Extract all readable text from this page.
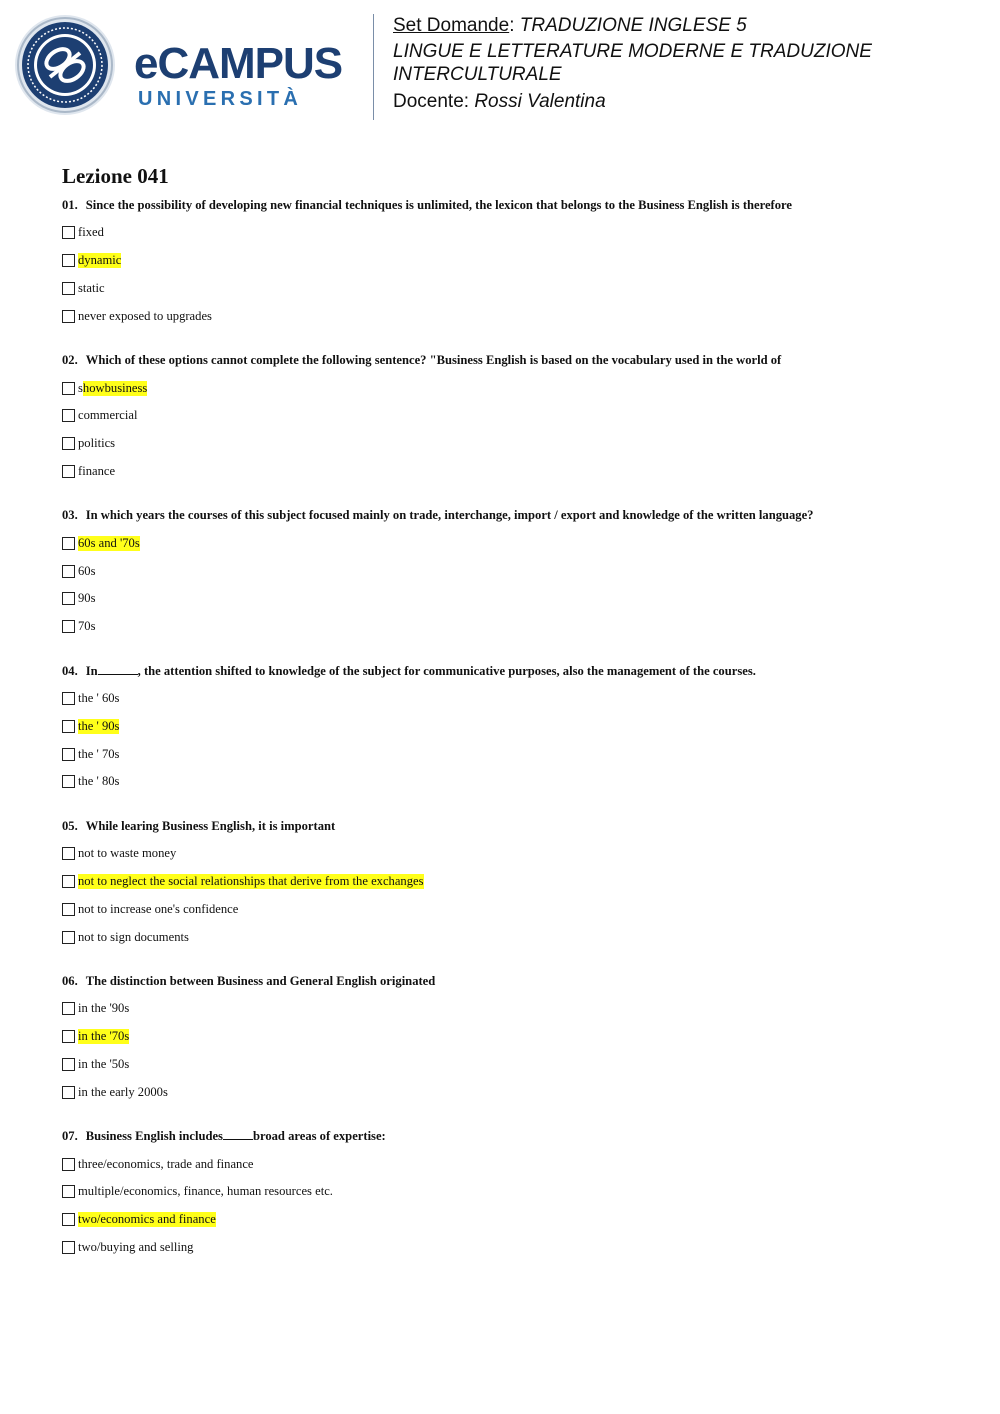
eCAMPUS
UNIVERSITÀ

Set Domande: TRADUZIONE INGLESE 5

LINGUE E LETTERATURE MODERNE E TRADUZIONE INTERCULTURALE

Docente: Rossi Valentina

Lezione 041

01. Since the possibility of developing new financial techniques is unlimited, the lexicon that belongs to the Business English is therefore

fixed
dynamic
static
never exposed to upgrades

02. Which of these options cannot complete the following sentence? "Business English is based on the vocabulary used in the world of

s howbusiness
commercial
politics
finance

03. In which years the courses of this subject focused mainly on trade, interchange, import / export and knowledge of the written language?

60s and '70s
60s
90s
70s

04. In	, the attention shifted to knowledge of the subject for communicative purposes, also the management of the courses.

the ' 60s
the ' 90s
the ' 70s
the ' 80s

05. While learing Business English, it is important

not to waste money
not to neglect the social relationships that derive from the exchanges
not to increase one's confidence
not to sign documents

06. The distinction between Business and General English originated

in the '90s
in the '70s
in the '50s
in the early 2000s

07. Business English includes broad areas of expertise:

three/economics, trade and finance
multiple/economics, finance, human resources etc.
two/economics and finance
two/buying and selling
